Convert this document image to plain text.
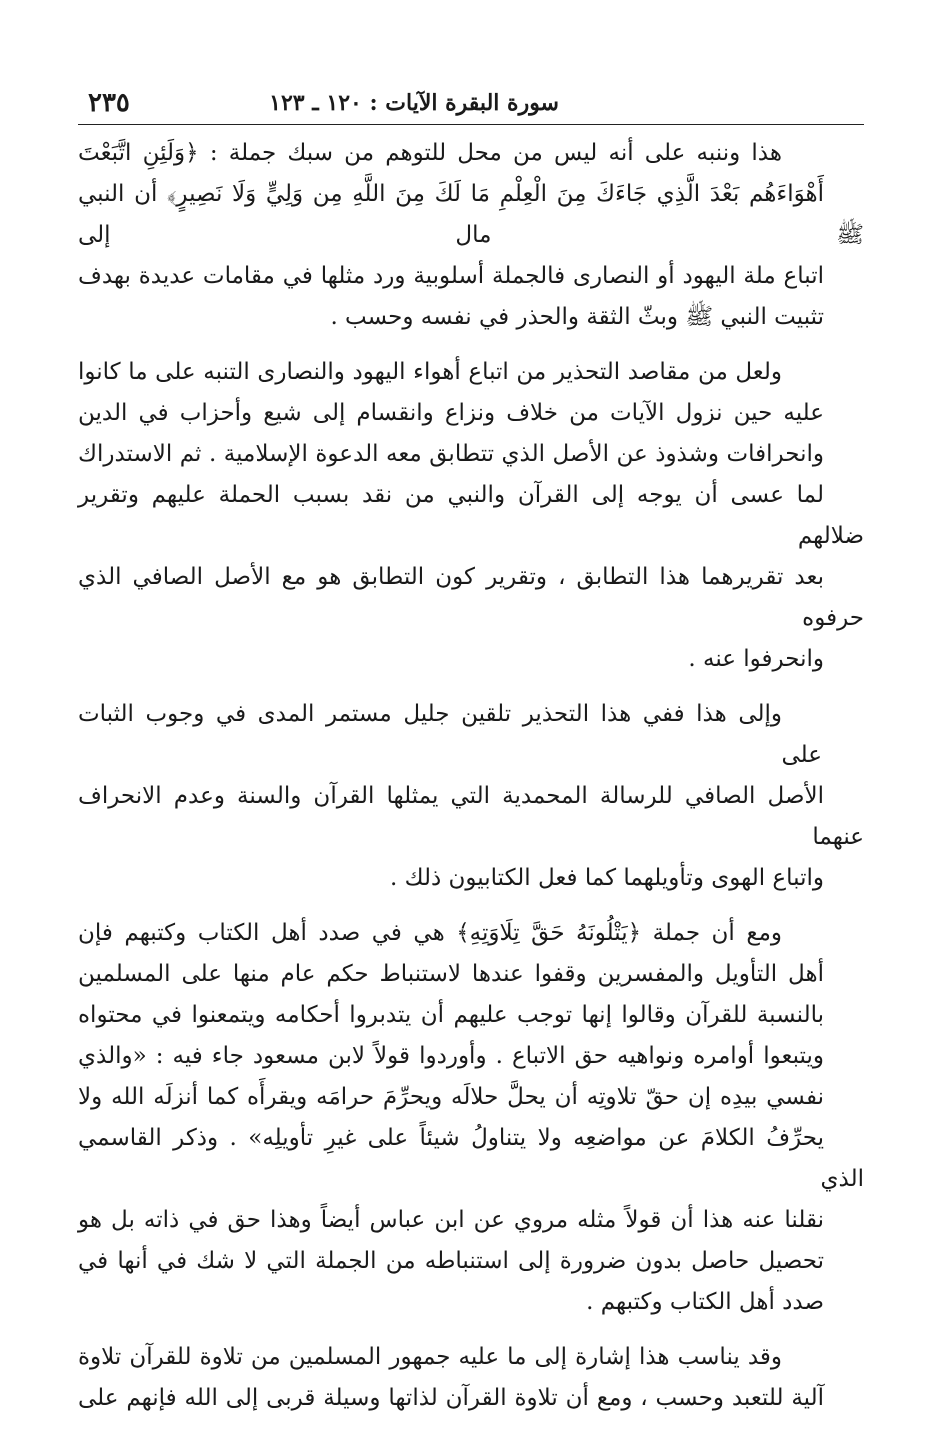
سورة البقرة الآيات : ١٢٠ ـ ١٢٣
٢٣٥
هذا وننبه على أنه ليس من محل للتوهم من سبك جملة : ﴿وَلَئِنِ اتَّبَعْتَ
أَهْوَاءَهُم بَعْدَ الَّذِي جَاءَكَ مِنَ الْعِلْمِ مَا لَكَ مِنَ اللَّهِ مِن وَلِيٍّ وَلَا نَصِيرٍ﴾ أن النبي ﷺ مال إلى
اتباع ملة اليهود أو النصارى فالجملة أسلوبية ورد مثلها في مقامات عديدة بهدف
تثبيت النبي ﷺ وبثّ الثقة والحذر في نفسه وحسب .
ولعل من مقاصد التحذير من اتباع أهواء اليهود والنصارى التنبه على ما كانوا
عليه حين نزول الآيات من خلاف ونزاع وانقسام إلى شيع وأحزاب في الدين
وانحرافات وشذوذ عن الأصل الذي تتطابق معه الدعوة الإسلامية . ثم الاستدراك
لما عسى أن يوجه إلى القرآن والنبي من نقد بسبب الحملة عليهم وتقرير ضلالهم
بعد تقريرهما هذا التطابق ، وتقرير كون التطابق هو مع الأصل الصافي الذي حرفوه
وانحرفوا عنه .
وإلى هذا ففي هذا التحذير تلقين جليل مستمر المدى في وجوب الثبات على
الأصل الصافي للرسالة المحمدية التي يمثلها القرآن والسنة وعدم الانحراف عنهما
واتباع الهوى وتأويلهما كما فعل الكتابيون ذلك .
ومع أن جملة ﴿يَتْلُونَهُ حَقَّ تِلَاوَتِهِ﴾ هي في صدد أهل الكتاب وكتبهم فإن
أهل التأويل والمفسرين وقفوا عندها لاستنباط حكم عام منها على المسلمين
بالنسبة للقرآن وقالوا إنها توجب عليهم أن يتدبروا أحكامه ويتمعنوا في محتواه
ويتبعوا أوامره ونواهيه حق الاتباع . وأوردوا قولاً لابن مسعود جاء فيه : «والذي
نفسي بيدِه إن حقّ تلاوتِه أن يحلَّ حلالَه ويحرِّمَ حرامَه ويقرأَه كما أنزلَه الله ولا
يحرِّفُ الكلامَ عن مواضعِه ولا يتناولُ شيئاً على غيرِ تأويلِه» . وذكر القاسمي الذي
نقلنا عنه هذا أن قولاً مثله مروي عن ابن عباس أيضاً وهذا حق في ذاته بل هو
تحصيل حاصل بدون ضرورة إلى استنباطه من الجملة التي لا شك في أنها في
صدد أهل الكتاب وكتبهم .
وقد يناسب هذا إشارة إلى ما عليه جمهور المسلمين من تلاوة للقرآن تلاوة
آلية للتعبد وحسب ، ومع أن تلاوة القرآن لذاتها وسيلة قربى إلى الله فإنهم على
